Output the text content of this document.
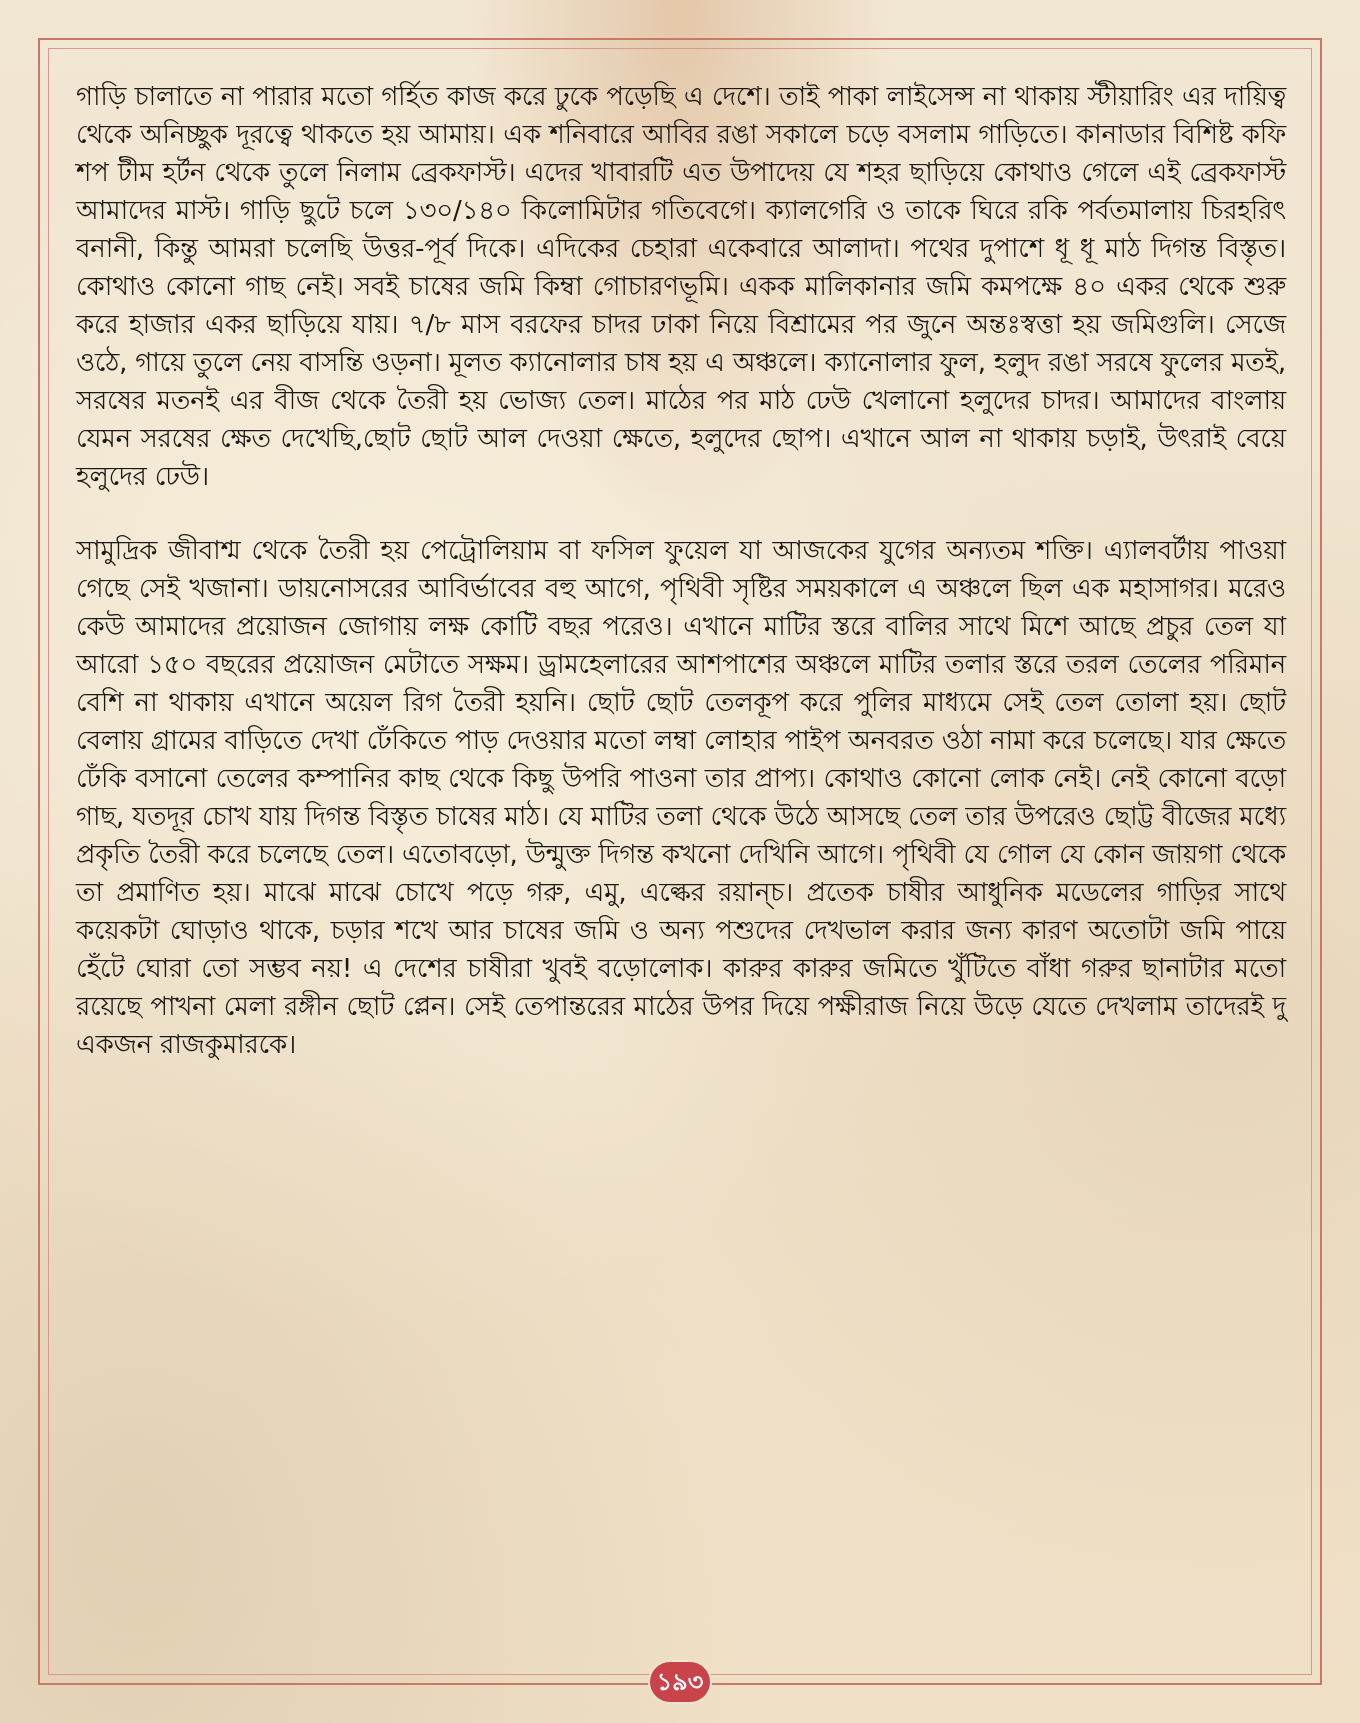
গাড়ি চালাতে না পারার মতো গর্হিত কাজ করে ঢুকে পড়েছি এ দেশে। তাই পাকা লাইসেন্স না থাকায় স্টীয়ারিং এর দায়িত্ব থেকে অনিচ্ছুক দূরত্বে থাকতে হয় আমায়। এক শনিবারে আবির রঙা সকালে চড়ে বসলাম গাড়িতে। কানাডার বিশিষ্ট কফি শপ টীম হর্টন থেকে তুলে নিলাম ব্রেকফাস্ট। এদের খাবারটি এত উপাদেয় যে শহর ছাড়িয়ে কোথাও গেলে এই ব্রেকফাস্ট আমাদের মাস্ট। গাড়ি ছুটে চলে ১৩০/১৪০ কিলোমিটার গতিবেগে। ক্যালগেরি ও তাকে ঘিরে রকি পর্বতমালায় চিরহরিৎ বনানী, কিন্তু আমরা চলেছি উত্তর-পূর্ব দিকে। এদিকের চেহারা একেবারে আলাদা। পথের দুপাশে ধূ ধূ মাঠ দিগন্ত বিস্তৃত। কোথাও কোনো গাছ নেই। সবই চাষের জমি কিম্বা গোচারণভূমি। একক মালিকানার জমি কমপক্ষে ৪০ একর থেকে শুরু করে হাজার একর ছাড়িয়ে যায়। ৭/৮ মাস বরফের চাদর ঢাকা নিয়ে বিশ্রামের পর জুনে অন্তঃস্বত্তা হয় জমিগুলি। সেজে ওঠে, গায়ে তুলে নেয় বাসন্তি ওড়না। মূলত ক্যানোলার চাষ হয় এ অঞ্চলে। ক্যানোলার ফুল, হলুদ রঙা সরষে ফুলের মতই, সরষের মতনই এর বীজ থেকে তৈরী হয় ভোজ্য তেল। মাঠের পর মাঠ ঢেউ খেলানো হলুদের চাদর। আমাদের বাংলায় যেমন সরষের ক্ষেত দেখেছি,ছোট ছোট আল দেওয়া ক্ষেতে, হলুদের ছোপ। এখানে আল না থাকায় চড়াই, উৎরাই বেয়ে হলুদের ঢেউ।

সামুদ্রিক জীবাশ্ম থেকে তৈরী হয় পেট্রোলিয়াম বা ফসিল ফুয়েল যা আজকের যুগের অন্যতম শক্তি। এ্যালবর্টায় পাওয়া গেছে সেই খজানা। ডায়নোসরের আবির্ভাবের বহু আগে, পৃথিবী সৃষ্টির সময়কালে এ অঞ্চলে ছিল এক মহাসাগর। মরেও কেউ আমাদের প্রয়োজন জোগায় লক্ষ কোটি বছর পরেও। এখানে মাটির স্তরে বালির সাথে মিশে আছে প্রচুর তেল যা আরো ১৫০ বছরের প্রয়োজন মেটাতে সক্ষম। ড্রামহেলারের আশপাশের অঞ্চলে মাটির তলার স্তরে তরল তেলের পরিমান বেশি না থাকায় এখানে অয়েল রিগ তৈরী হয়নি। ছোট ছোট তেলকূপ করে পুলির মাধ্যমে সেই তেল তোলা হয়। ছোট বেলায় গ্রামের বাড়িতে দেখা ঢেঁকিতে পাড় দেওয়ার মতো লম্বা লোহার পাইপ অনবরত ওঠা নামা করে চলেছে। যার ক্ষেতে ঢেঁকি বসানো তেলের কম্পানির কাছ থেকে কিছু উপরি পাওনা তার প্রাপ্য। কোথাও কোনো লোক নেই। নেই কোনো বড়ো গাছ, যতদূর চোখ যায় দিগন্ত বিস্তৃত চাষের মাঠ। যে মাটির তলা থেকে উঠে আসছে তেল তার উপরেও ছোট্ট বীজের মধ্যে প্রকৃতি তৈরী করে চলেছে তেল। এতোবড়ো, উন্মুক্ত দিগন্ত কখনো দেখিনি আগে। পৃথিবী যে গোল যে কোন জায়গা থেকে তা প্রমাণিত হয়। মাঝে মাঝে চোখে পড়ে গরু, এমু, এল্কের রয়ান্চ। প্রতেক চাষীর আধুনিক মডেলের গাড়ির সাথে কয়েকটা ঘোড়াও থাকে, চড়ার শখে আর চাষের জমি ও অন্য পশুদের দেখভাল করার জন্য কারণ অতোটা জমি পায়ে হেঁটে ঘোরা তো সম্ভব নয়! এ দেশের চাষীরা খুবই বড়োলোক। কারুর কারুর জমিতে খুঁটিতে বাঁধা গরুর ছানাটার মতো রয়েছে পাখনা মেলা রঙ্গীন ছোট প্লেন। সেই তেপান্তরের মাঠের উপর দিয়ে পক্ষীরাজ নিয়ে উড়ে যেতে দেখলাম তাদেরই দু একজন রাজকুমারকে।

১৯৩
